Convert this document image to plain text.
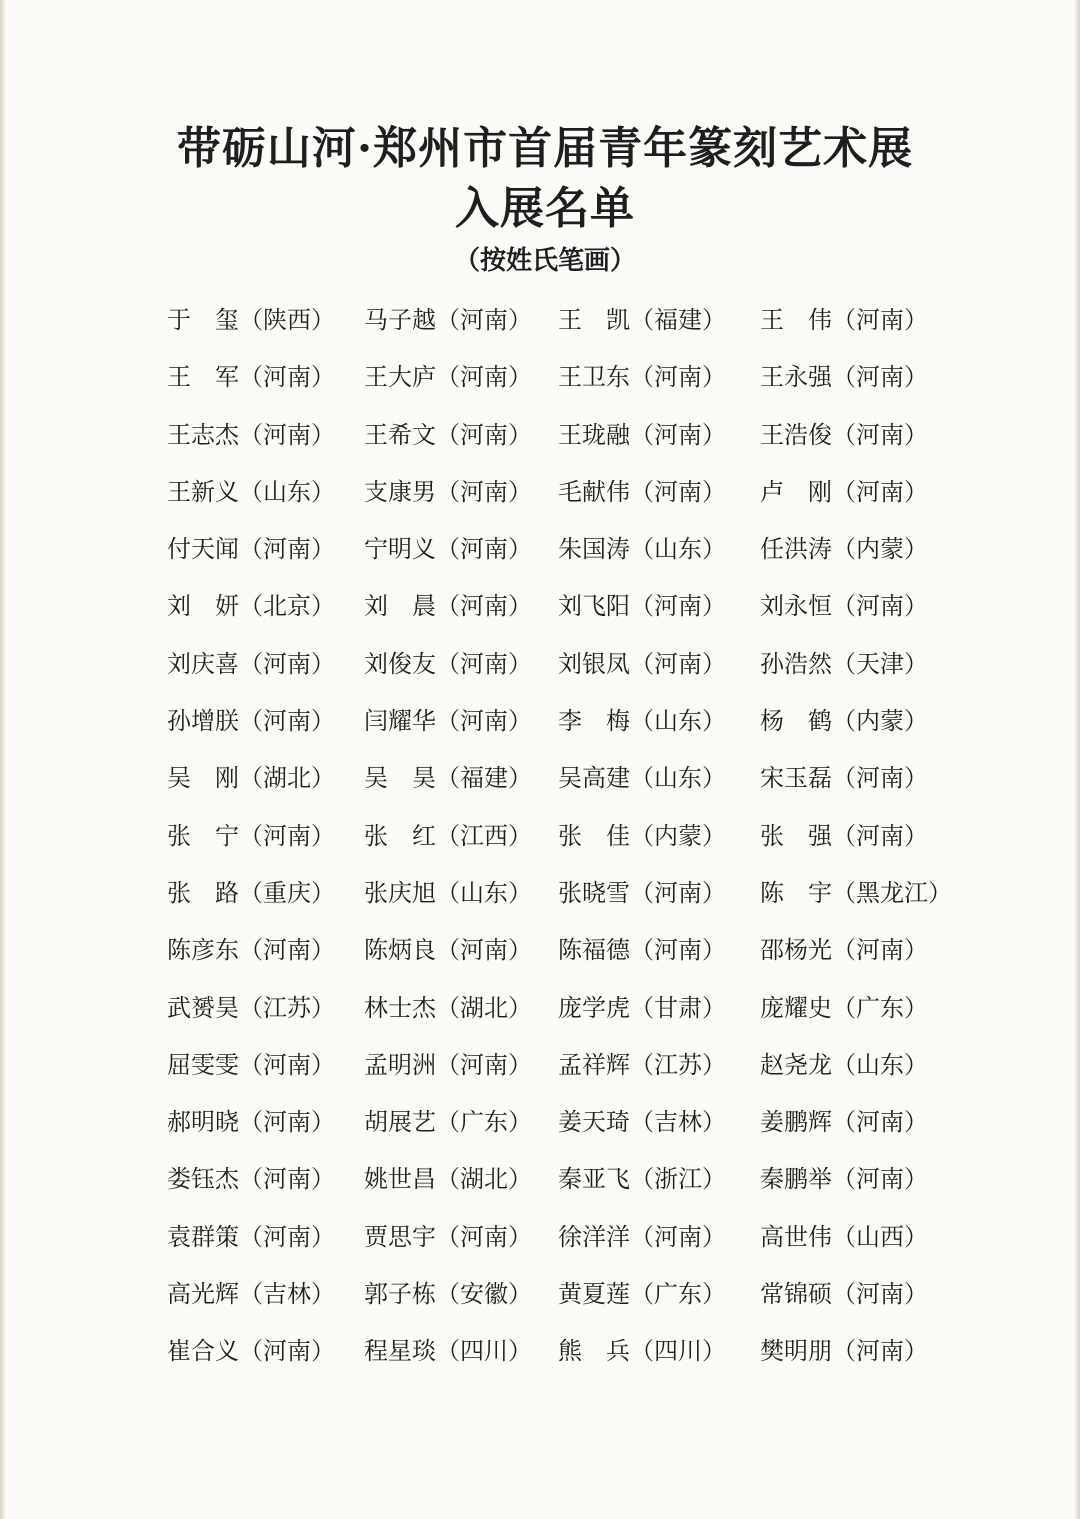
带砺山河·郑州市首届青年篆刻艺术展
入展名单
（按姓氏笔画）
于　玺（陕西） 马子越（河南） 王　凯（福建） 王　伟（河南）
王　军（河南） 王大庐（河南） 王卫东（河南） 王永强（河南）
王志杰（河南） 王希文（河南） 王珑融（河南） 王浩俊（河南）
王新义（山东） 支康男（河南） 毛献伟（河南） 卢　刚（河南）
付天闻（河南） 宁明义（河南） 朱国涛（山东） 任洪涛（内蒙）
刘　妍（北京） 刘　晨（河南） 刘飞阳（河南） 刘永恒（河南）
刘庆喜（河南） 刘俊友（河南） 刘银凤（河南） 孙浩然（天津）
孙增朕（河南） 闫耀华（河南） 李　梅（山东） 杨　鹤（内蒙）
吴　刚（湖北） 吴　昊（福建） 吴高建（山东） 宋玉磊（河南）
张　宁（河南） 张　红（江西） 张　佳（内蒙） 张　强（河南）
张　路（重庆） 张庆旭（山东） 张晓雪（河南） 陈　宇（黑龙江）
陈彦东（河南） 陈炳良（河南） 陈福德（河南） 邵杨光（河南）
武赟昊（江苏） 林士杰（湖北） 庞学虎（甘肃） 庞耀史（广东）
屈雯雯（河南） 孟明洲（河南） 孟祥辉（江苏） 赵尧龙（山东）
郝明晓（河南） 胡展艺（广东） 姜天琦（吉林） 姜鹏辉（河南）
娄钰杰（河南） 姚世昌（湖北） 秦亚飞（浙江） 秦鹏举（河南）
袁群策（河南） 贾思宇（河南） 徐洋洋（河南） 高世伟（山西）
高光辉（吉林） 郭子栋（安徽） 黄夏莲（广东） 常锦硕（河南）
崔合义（河南） 程星琰（四川） 熊　兵（四川） 樊明朋（河南）
